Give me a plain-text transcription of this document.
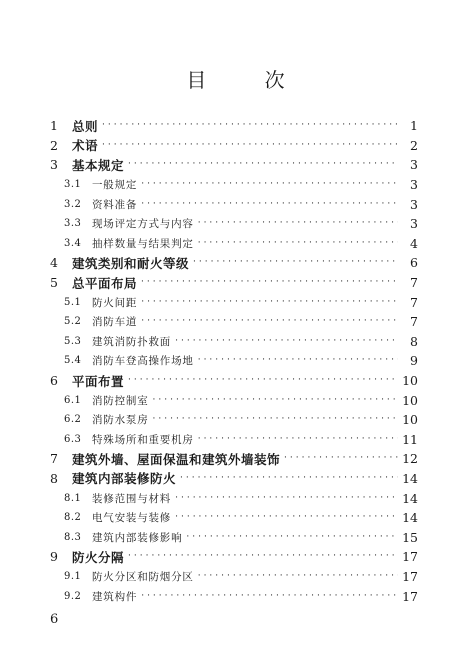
目 次
1	总则 ·····	1
2	术语 ·····	2
3	基本规定 ·····	3
3.1	一般规定 ·····	3
3.2	资料准备 ·····	3
3.3	现场评定方式与内容 ·····	3
3.4	抽样数量与结果判定 ·····	4
4	建筑类别和耐火等级 ·····	6
5	总平面布局 ·····	7
5.1	防火间距 ·····	7
5.2	消防车道 ·····	7
5.3	建筑消防扑救面 ·····	8
5.4	消防车登高操作场地 ·····	9
6	平面布置 ·····	10
6.1	消防控制室 ·····	10
6.2	消防水泵房 ·····	10
6.3	特殊场所和重要机房 ·····	11
7	建筑外墙、屋面保温和建筑外墙装饰 ·····	12
8	建筑内部装修防火 ·····	14
8.1	装修范围与材料 ·····	14
8.2	电气安装与装修 ·····	14
8.3	建筑内部装修影响 ·····	15
9	防火分隔 ·····	17
9.1	防火分区和防烟分区 ·····	17
9.2	建筑构件 ·····	17
6
